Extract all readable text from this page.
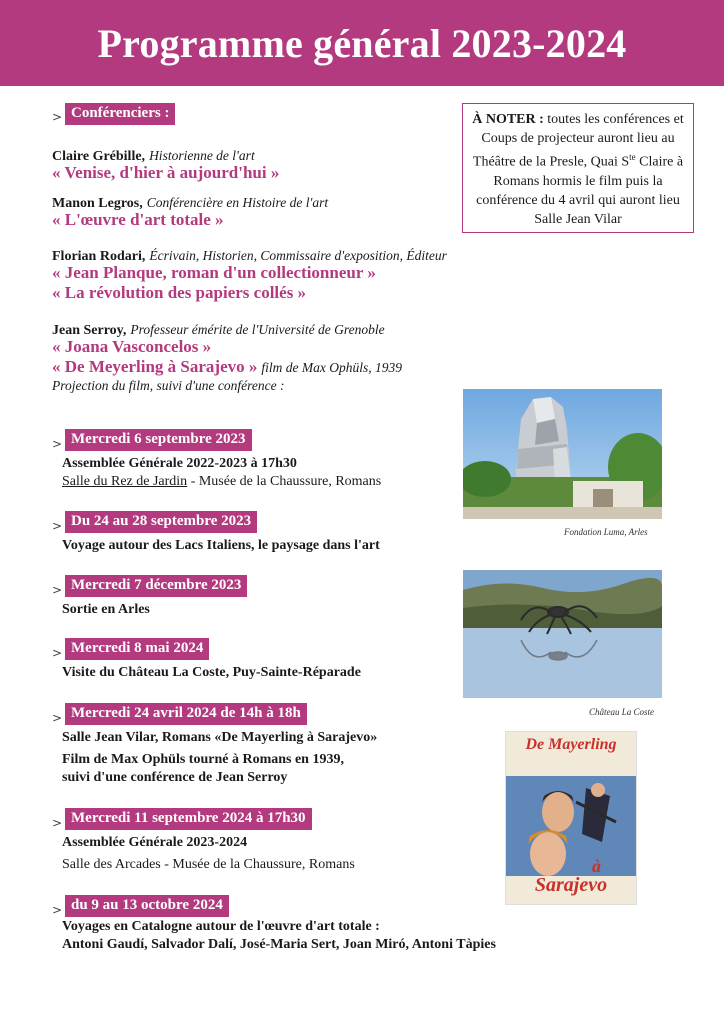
Programme général 2023-2024
> Conférenciers :
Claire Grébille, Historienne de l'art
« Venise, d'hier à aujourd'hui »
Manon Legros, Conférencière en Histoire de l'art
« L'œuvre d'art totale »
Florian Rodari, Écrivain, Historien, Commissaire d'exposition, Éditeur
« Jean Planque, roman d'un collectionneur »
« La révolution des papiers collés »
Jean Serroy, Professeur émérite de l'Université de Grenoble
« Joana Vasconcelos »
« De Meyerling à Sarajevo » film de Max Ophüls, 1939
Projection du film, suivi d'une conférence :
À NOTER : toutes les conférences et Coups de projecteur auront lieu au Théâtre de la Presle, Quai $S^{te}$ Claire à Romans hormis le film puis la conférence du 4 avril qui auront lieu Salle Jean Vilar
> Mercredi 6 septembre 2023
Assemblée Générale 2022-2023 à 17h30
Salle du Rez de Jardin - Musée de la Chaussure, Romans
> Du 24 au 28 septembre 2023
Voyage autour des Lacs Italiens, le paysage dans l'art
> Mercredi 7 décembre 2023
Sortie en Arles
> Mercredi 8 mai 2024
Visite du Château La Coste, Puy-Sainte-Réparade
> Mercredi 24 avril 2024 de 14h à 18h
Salle Jean Vilar, Romans «De Mayerling à Sarajevo»
Film de Max Ophüls tourné à Romans en 1939,
suivi d'une conférence de Jean Serroy
> Mercredi 11 septembre 2024 à 17h30
Assemblée Générale 2023-2024
Salle des Arcades - Musée de la Chaussure, Romans
> du 9 au 13 octobre 2024
Voyages en Catalogne autour de l'œuvre d'art totale :
Antoni Gaudí, Salvador Dalí, José-Maria Sert, Joan Miró, Antoni Tàpies
Fondation Luma, Arles
Château La Coste
De Mayerling
à
Sarajevo
